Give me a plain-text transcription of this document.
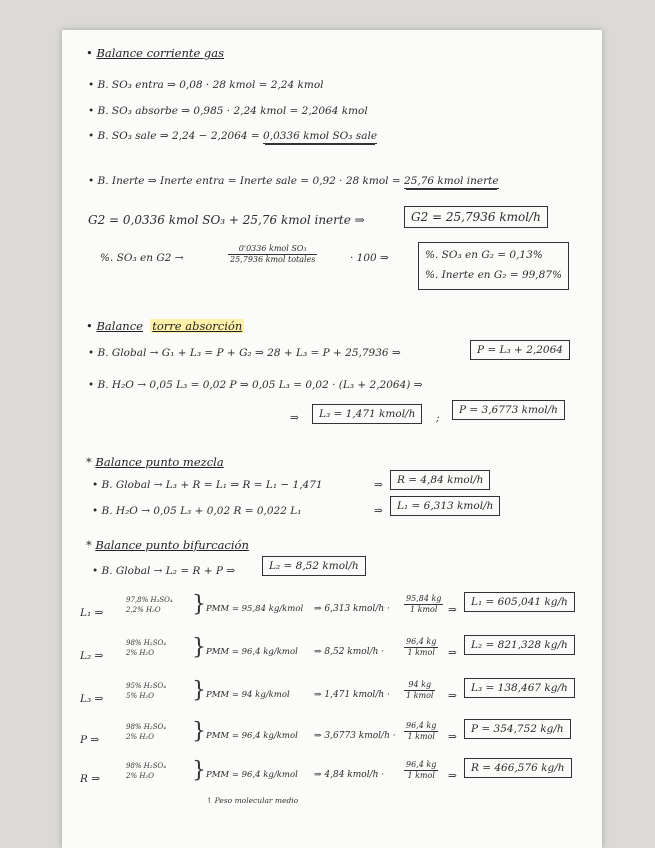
• Balance corriente gas
• B. SO₃ entra ⇒ 0,08 · 28 kmol = 2,24 kmol
• B. SO₃ absorbe ⇒ 0,985 · 2,24 kmol = 2,2064 kmol
• B. SO₃ sale ⇒ 2,24 − 2,2064 = 0,0336 kmol SO₃ sale
• B. Inerte ⇒ Inerte entra = Inerte sale = 0,92 · 28 kmol = 25,76 kmol inerte
G2 = 0,0336 kmol SO₃ + 25,76 kmol inerte ⇒	G2 = 25,7936 kmol/h
%. SO₃ en G2 →
0'0336 kmol SO₃
25,7936 kmol totales	· 100 ⇒	%. SO₃ en G₂ = 0,13%
%. Inerte en G₂ = 99,87%
• Balance torre absorción
• B. Global → G₁ + L₃ = P + G₂ ⇒ 28 + L₃ = P + 25,7936 ⇒	P = L₃ + 2,2064
• B. H₂O → 0,05 L₃ = 0,02 P ⇒ 0,05 L₃ = 0,02 · (L₃ + 2,2064) ⇒
⇒	L₃ = 1,471 kmol/h	;
P = 3,6773 kmol/h
* Balance punto mezcla
• B. Global → L₃ + R = L₁ ⇒ R = L₁ − 1,471
• B. H₂O → 0,05 L₃ + 0,02 R = 0,022 L₁
⇒	R = 4,84 kmol/h
⇒	L₁ = 6,313 kmol/h
* Balance punto bifurcación
• B. Global → L₂ = R + P ⇒	L₂ = 8,52 kmol/h
L₁ ⇒
97,8% H₂SO₄
2,2% H₂O	} PMM = 95,84 kg/kmol ⇒ 6,313 kmol/h ·
95,84 kg
1 kmol	⇒
L₁ = 605,041 kg/h
L₂ ⇒
98% H₂SO₄
2% H₂O	} PMM = 96,4 kg/kmol ⇒ 8,52 kmol/h ·
96,4 kg
1 kmol	⇒
L₂ = 821,328 kg/h
L₃ ⇒
95% H₂SO₄
5% H₂O	} PMM = 94 kg/kmol	⇒ 1,471 kmol/h ·
94 kg
1 kmol ⇒
L₃ = 138,467 kg/h
P ⇒
98% H₂SO₄
2% H₂O	} PMM = 96,4 kg/kmol ⇒ 3,6773 kmol/h ·
96,4 kg
1 kmol	⇒
P = 354,752 kg/h
R ⇒
98% H₂SO₄
2% H₂O	} PMM = 96,4 kg/kmol ⇒ 4,84 kmol/h ·
96,4 kg
1 kmol	⇒
R = 466,576 kg/h
↑ Peso molecular medio
